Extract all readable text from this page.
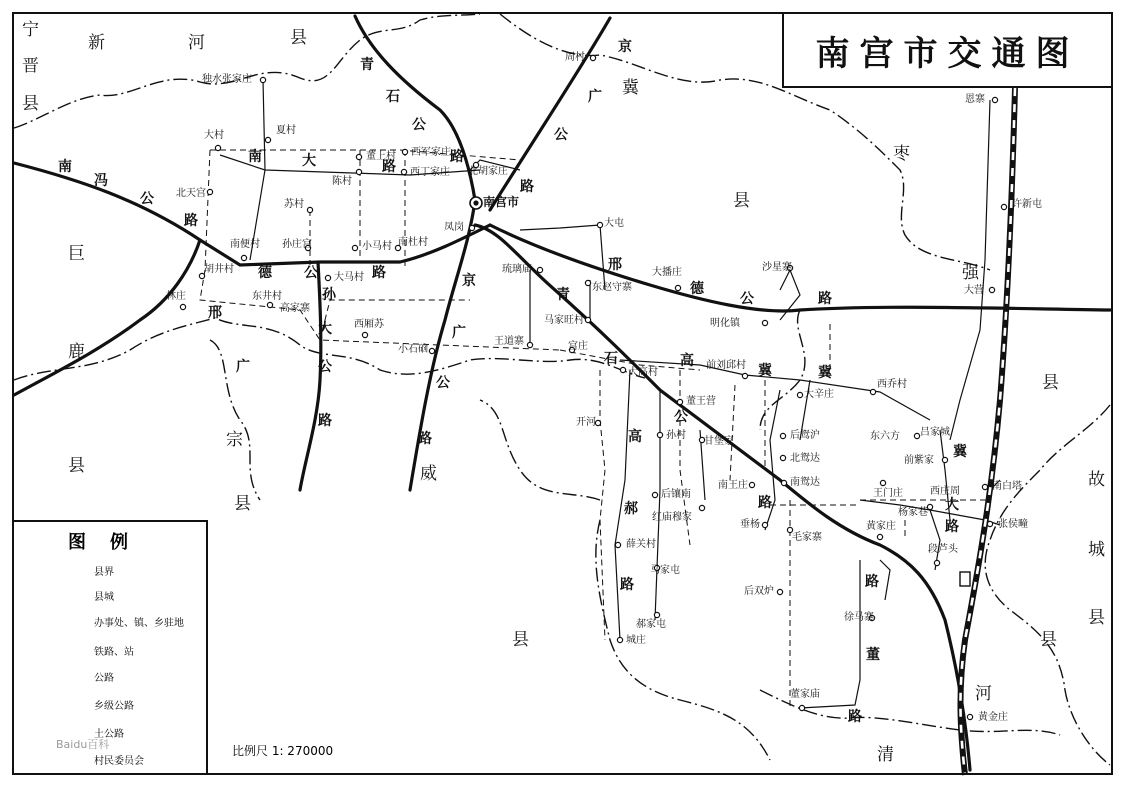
南宫市交通图
宁
晋
县
新	河	县
巨
鹿
县
宗
县
威
县
冀
枣
县
强
县
故
城
县
县
河
清
南
冯
公
路
南	大	路
青
石
公
路
广
公
路
京
京
广
公
路
德 公	路
邢
孙
大
公
路
广
青
石
邢
德
公	路
高
公
冀	冀
冀
大
路
高
郝
路
路
路
董
路
南宫市
周村
独水张家庄
大村	夏村
董上村 西军家庄
北天宫
陈村
西丁家庄 北胡家庄
苏村
南便村 孙庄宫	小马村 南杜村
凤岗
胡井村
大马村
东井村
林庄
高家寨
西厢苏
小石硇
王道寨	宫庄
大屯
琉璃庙
东赵守寨
马家旺村
大播庄	沙星寨
明化镇
大高村
前刘邱村
西乔村
董王营
大辛庄
开河
孙村
甘堡家
后鸳沪	东六方 吕家城
北鸳达	前紫家
南鸳达
南王庄
王门庄
后镶南
红庙穆家
垂杨
西庄周
杨家巷
南白塔
毛家寨
黄家庄
段芦头
张侯疃
薛关村
马家屯
后双炉
徐马寨
郝家屯
城庄
董家庙
黄金庄
恩寨
许新屯
大营
图例
县界
县城
办事处、镇、乡驻地
铁路、站
公路
乡级公路
土公路
村民委员会
比例尺 1: 270000
Baidu百科
